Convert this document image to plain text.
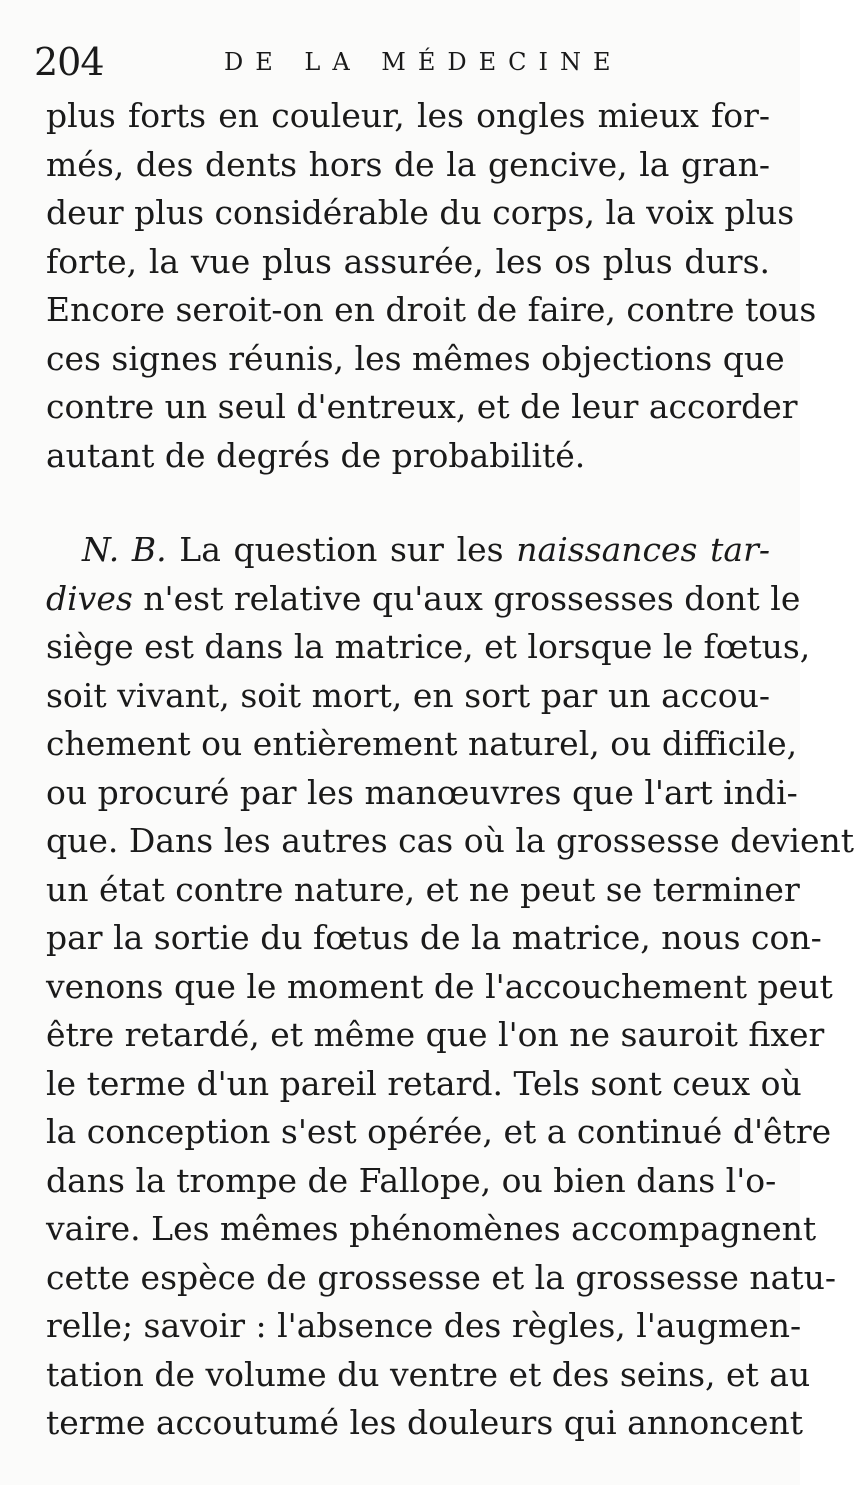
204	DE LA MÉDECINE
plus forts en couleur, les ongles mieux for-
més, des dents hors de la gencive, la gran-
deur plus considérable du corps, la voix plus
forte, la vue plus assurée, les os plus durs.
Encore seroit-on en droit de faire, contre tous
ces signes réunis, les mêmes objections que
contre un seul d'entreux, et de leur accorder
autant de degrés de probabilité.
N. B. La question sur les naissances tar-
dives n'est relative qu'aux grossesses dont le
siège est dans la matrice, et lorsque le fœtus,
soit vivant, soit mort, en sort par un accou-
chement ou entièrement naturel, ou difficile,
ou procuré par les manœuvres que l'art indi-
que. Dans les autres cas où la grossesse devient
un état contre nature, et ne peut se terminer
par la sortie du fœtus de la matrice, nous con-
venons que le moment de l'accouchement peut
être retardé, et même que l'on ne sauroit fixer
le terme d'un pareil retard. Tels sont ceux où
la conception s'est opérée, et a continué d'être
dans la trompe de Fallope, ou bien dans l'o-
vaire. Les mêmes phénomènes accompagnent
cette espèce de grossesse et la grossesse natu-
relle; savoir : l'absence des règles, l'augmen-
tation de volume du ventre et des seins, et au
terme accoutumé les douleurs qui annoncent
